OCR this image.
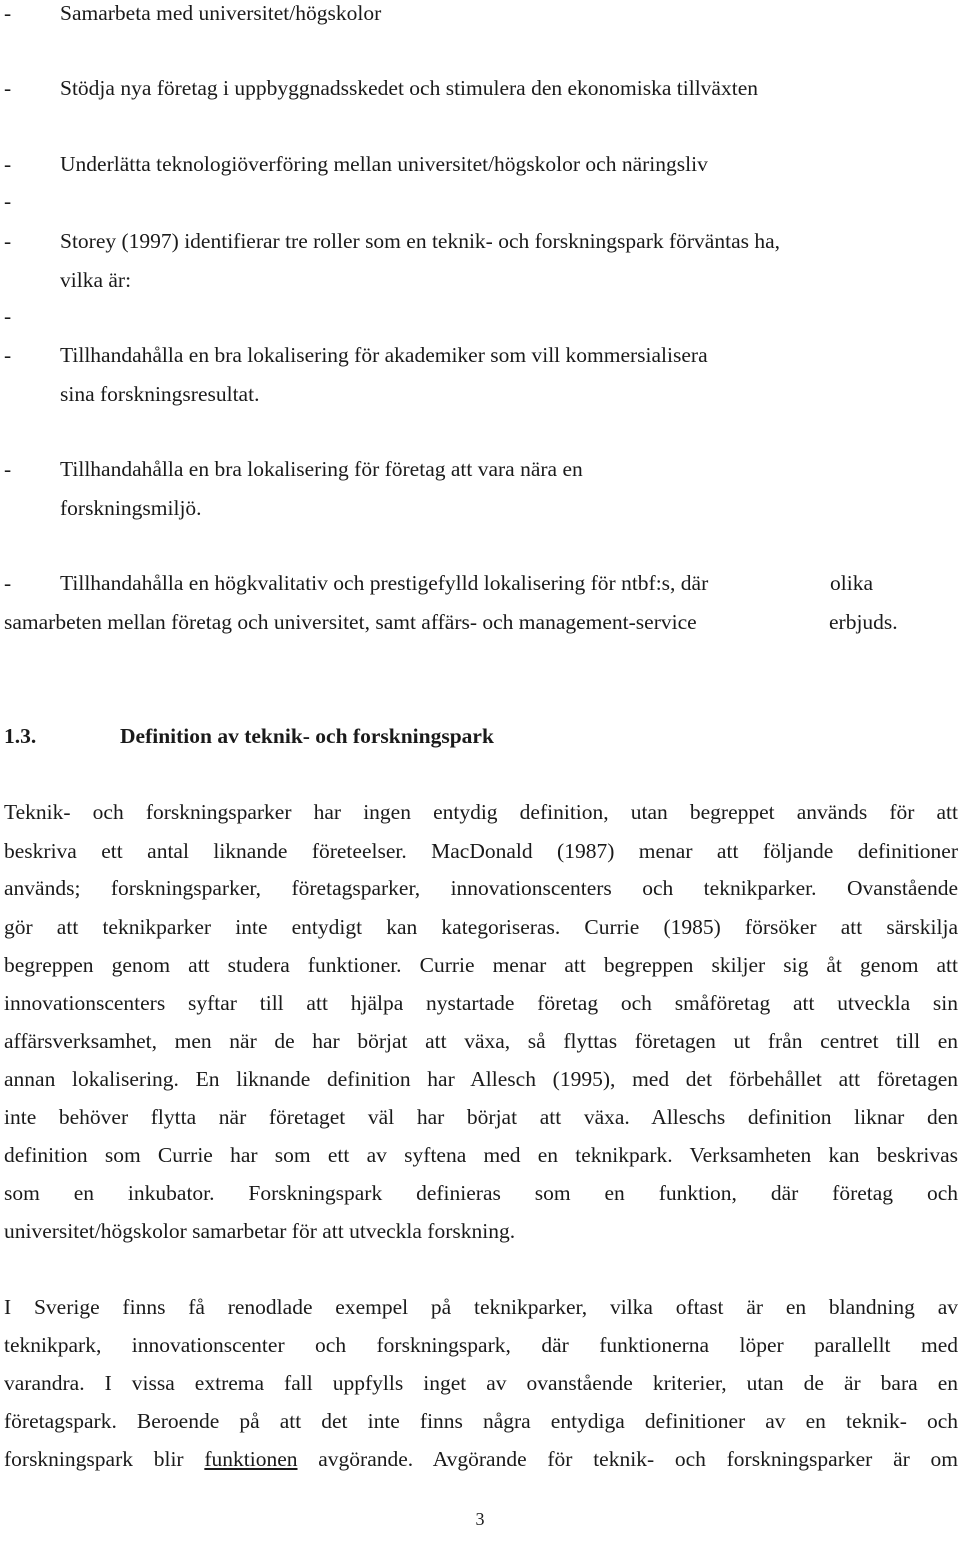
- Samarbeta med universitet/högskolor
- Stödja nya företag i uppbyggnadsskedet och stimulera den ekonomiska tillväxten
- Underlätta teknologiöverföring mellan universitet/högskolor och näringsliv
-
- Storey (1997) identifierar tre roller som en teknik- och forskningspark förväntas ha,
vilka är:
-
- Tillhandahålla en bra lokalisering för akademiker som vill kommersialisera
sina forskningsresultat.
- Tillhandahålla en bra lokalisering för företag att vara nära en
forskningsmiljö.
- Tillhandahålla en högkvalitativ och prestigefylld lokalisering för ntbf:s, där	olika
samarbeten mellan företag och universitet, samt affärs- och management-service	erbjuds.
1.3.	Definition av teknik- och forskningspark
Teknik- och forskningsparker har ingen entydig definition, utan begreppet används för att
beskriva ett antal liknande företeelser. MacDonald (1987) menar att följande definitioner
används; forskningsparker, företagsparker, innovationscenters och teknikparker. Ovanstående
gör att teknikparker inte entydigt kan kategoriseras. Currie (1985) försöker att särskilja
begreppen genom att studera funktioner. Currie menar att begreppen skiljer sig åt genom att
innovationscenters syftar till att hjälpa nystartade företag och småföretag att utveckla sin
affärsverksamhet, men när de har börjat att växa, så flyttas företagen ut från centret till en
annan lokalisering. En liknande definition har Allesch (1995), med det förbehållet att företagen
inte behöver flytta när företaget väl har börjat att växa. Alleschs definition liknar den
definition som Currie har som ett av syftena med en teknikpark. Verksamheten kan beskrivas
som en inkubator. Forskningspark definieras som en funktion, där företag och
universitet/högskolor samarbetar för att utveckla forskning.
I Sverige finns få renodlade exempel på teknikparker, vilka oftast är en blandning av
teknikpark, innovationscenter och forskningspark, där funktionerna löper parallellt med
varandra. I vissa extrema fall uppfylls inget av ovanstående kriterier, utan de är bara en
företagspark. Beroende på att det inte finns några entydiga definitioner av en teknik- och
forskningspark blir funktionen avgörande. Avgörande för teknik- och forskningsparker är om
3
